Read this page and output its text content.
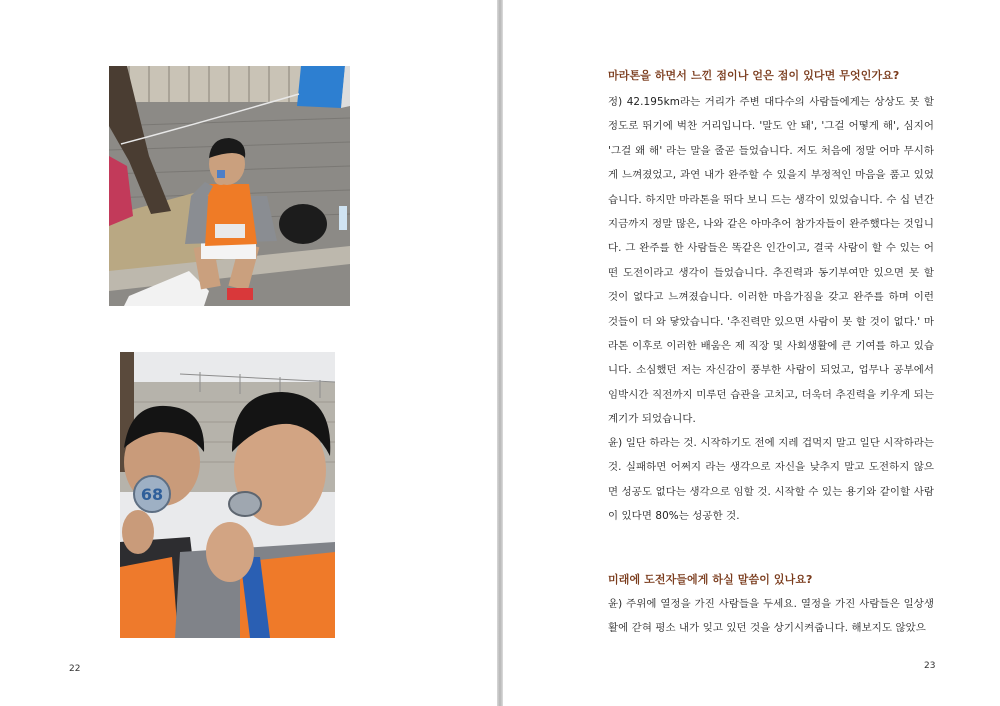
68
22
마라톤을 하면서 느낀 점이나 얻은 점이 있다면 무엇인가요?
정) 42.195km라는 거리가 주변 대다수의 사람들에게는 상상도 못 할 정도로 뛰기에 벅찬 거리입니다. '말도 안 돼', '그걸 어떻게 해', 심지어 '그걸 왜 해' 라는 말을 줄곧 들었습니다. 저도 처음에 정말 어마 무시하게 느껴졌었고, 과연 내가 완주할 수 있을지 부정적인 마음을 품고 있었습니다. 하지만 마라톤을 뛰다 보니 드는 생각이 있었습니다. 수 십 년간 지금까지 정말 많은, 나와 같은 아마추어 참가자들이 완주했다는 것입니다. 그 완주를 한 사람들은 똑같은 인간이고, 결국 사람이 할 수 있는 어떤 도전이라고 생각이 들었습니다. 추진력과 동기부여만 있으면 못 할 것이 없다고 느껴졌습니다. 이러한 마음가짐을 갖고 완주를 하며 이런 것들이 더 와 닿았습니다. '추진력만 있으면 사람이 못 할 것이 없다.' 마라톤 이후로 이러한 배움은 제 직장 및 사회생활에 큰 기여를 하고 있습니다. 소심했던 저는 자신감이 풍부한 사람이 되었고, 업무나 공부에서 임박시간 직전까지 미루던 습관을 고치고, 더욱더 추진력을 키우게 되는 계기가 되었습니다.
윤) 일단 하라는 것. 시작하기도 전에 지레 겁먹지 말고 일단 시작하라는 것. 실패하면 어쩌지 라는 생각으로 자신을 낮추지 말고 도전하지 않으면 성공도 없다는 생각으로 임할 것. 시작할 수 있는 용기와 같이할 사람이 있다면 80%는 성공한 것.
미래에 도전자들에게 하실 말씀이 있나요?
윤) 주위에 열정을 가진 사람들을 두세요. 열정을 가진 사람들은 일상생활에 갇혀 평소 내가 잊고 있던 것을 상기시켜줍니다. 해보지도 않았으
23
